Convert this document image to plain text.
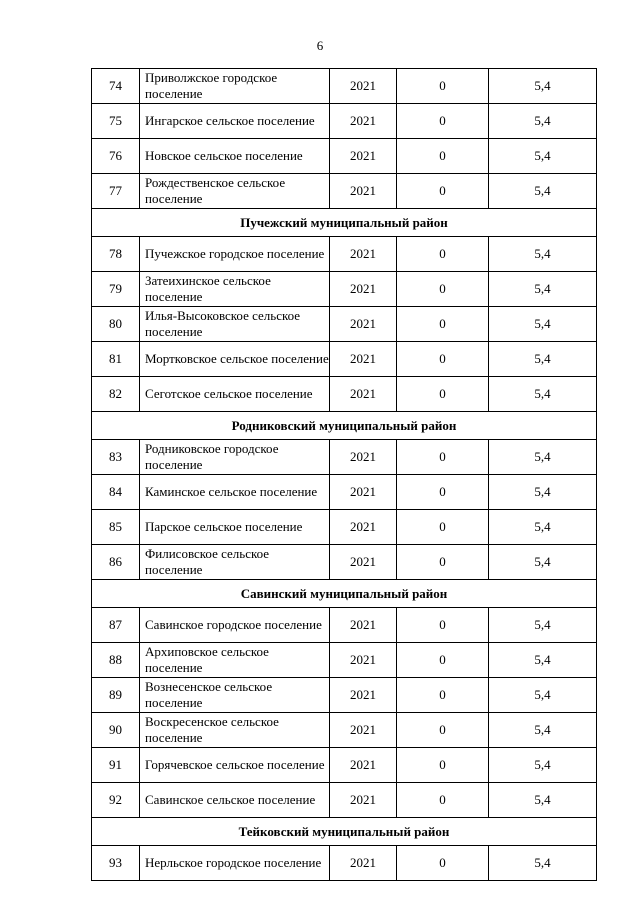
6
74	Приволжское городское поселение	2021	0	5,4
75	Ингарское сельское поселение	2021	0	5,4
76	Новское сельское поселение	2021	0	5,4
77	Рождественское сельское поселение	2021	0	5,4
Пучежский муниципальный район				
78	Пучежское городское поселение	2021	0	5,4
79	Затеихинское сельское поселение	2021	0	5,4
80	Илья-Высоковское сельское поселение	2021	0	5,4
81	Мортковское сельское поселение	2021	0	5,4
82	Сеготское сельское поселение	2021	0	5,4
Родниковский муниципальный район				
83	Родниковское городское поселение	2021	0	5,4
84	Каминское сельское поселение	2021	0	5,4
85	Парское сельское поселение	2021	0	5,4
86	Филисовское сельское поселение	2021	0	5,4
Савинский муниципальный район				
87	Савинское городское поселение	2021	0	5,4
88	Архиповское сельское поселение	2021	0	5,4
89	Вознесенское сельское поселение	2021	0	5,4
90	Воскресенское сельское поселение	2021	0	5,4
91	Горячевское сельское поселение	2021	0	5,4
92	Савинское сельское поселение	2021	0	5,4
Тейковский муниципальный район				
93	Нерльское городское поселение	2021	0	5,4
